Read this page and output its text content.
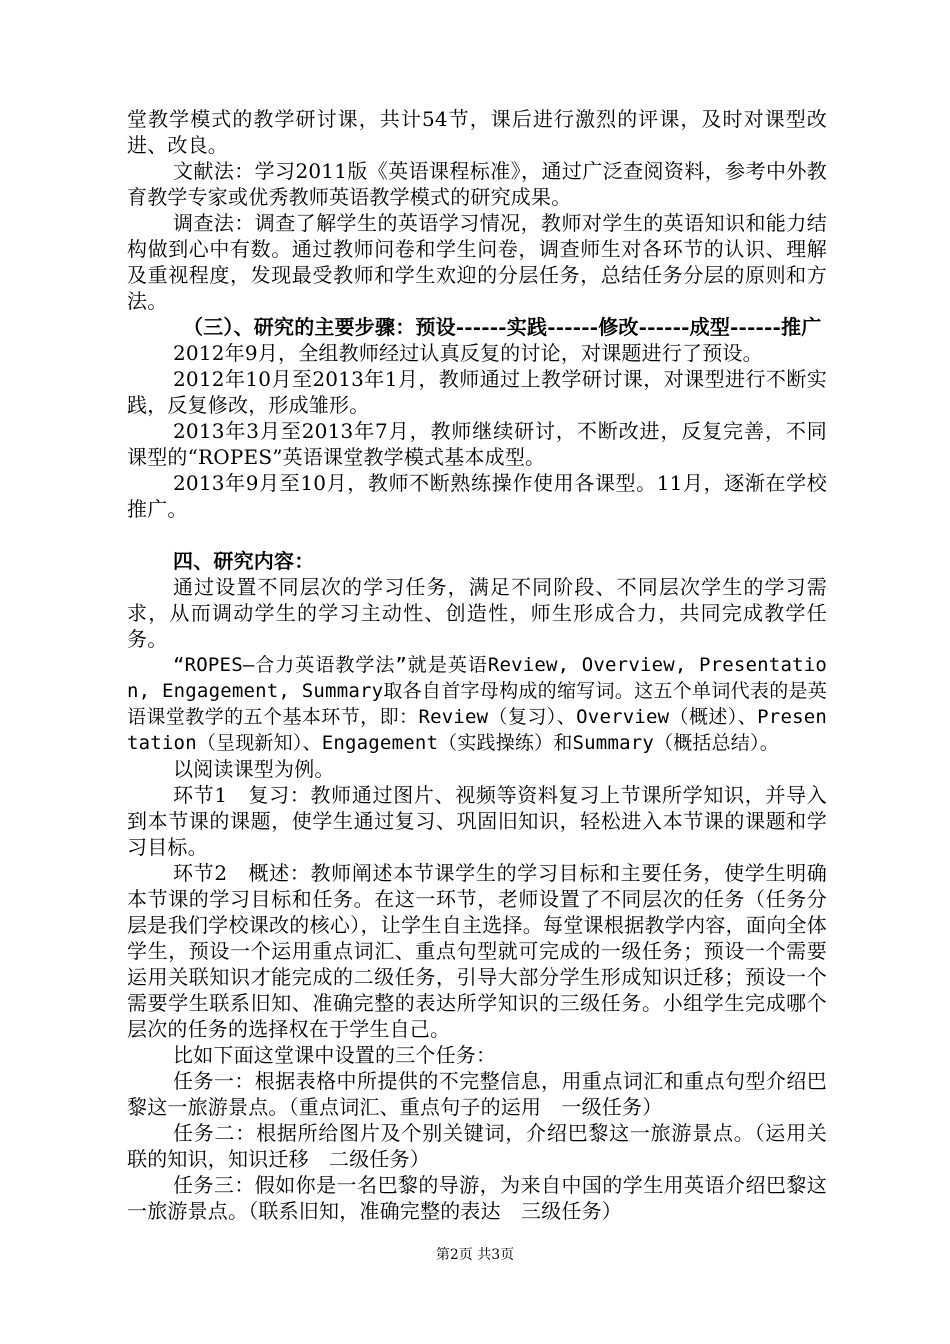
堂教学模式的教学研讨课，共计54节，课后进行激烈的评课，及时对课型改进、改良。

文献法：学习2011版《英语课程标准》，通过广泛查阅资料，参考中外教育教学专家或优秀教师英语教学模式的研究成果。

调查法：调查了解学生的英语学习情况，教师对学生的英语知识和能力结构做到心中有数。通过教师问卷和学生问卷，调查师生对各环节的认识、理解及重视程度，发现最受教师和学生欢迎的分层任务，总结任务分层的原则和方法。

（三）、研究的主要步骤：预设------实践------修改------成型------推广

2012年9月，全组教师经过认真反复的讨论，对课题进行了预设。

2012年10月至2013年1月，教师通过上教学研讨课，对课型进行不断实践，反复修改，形成雏形。

2013年3月至2013年7月，教师继续研讨，不断改进，反复完善，不同课型的“ROPES”英语课堂教学模式基本成型。

2013年9月至10月，教师不断熟练操作使用各课型。11月，逐渐在学校推广。

四、研究内容：

通过设置不同层次的学习任务，满足不同阶段、不同层次学生的学习需求，从而调动学生的学习主动性、创造性，师生形成合力，共同完成教学任务。

“ROPES—合力英语教学法”就是英语Review, Overview, Presentation, Engagement, Summary取各自首字母构成的缩写词。这五个单词代表的是英语课堂教学的五个基本环节，即：Review（复习）、Overview（概述）、Presentation（呈现新知）、Engagement（实践操练）和Summary（概括总结）。

以阅读课型为例。

环节1　复习：教师通过图片、视频等资料复习上节课所学知识，并导入到本节课的课题，使学生通过复习、巩固旧知识，轻松进入本节课的课题和学习目标。

环节2　概述：教师阐述本节课学生的学习目标和主要任务，使学生明确本节课的学习目标和任务。在这一环节，老师设置了不同层次的任务（任务分层是我们学校课改的核心），让学生自主选择。每堂课根据教学内容，面向全体学生，预设一个运用重点词汇、重点句型就可完成的一级任务；预设一个需要运用关联知识才能完成的二级任务，引导大部分学生形成知识迁移；预设一个需要学生联系旧知、准确完整的表达所学知识的三级任务。小组学生完成哪个层次的任务的选择权在于学生自己。

比如下面这堂课中设置的三个任务：

任务一：根据表格中所提供的不完整信息，用重点词汇和重点句型介绍巴黎这一旅游景点。（重点词汇、重点句子的运用　一级任务）

任务二：根据所给图片及个别关键词，介绍巴黎这一旅游景点。（运用关联的知识，知识迁移　二级任务）

任务三：假如你是一名巴黎的导游，为来自中国的学生用英语介绍巴黎这一旅游景点。（联系旧知，准确完整的表达　三级任务）

第2页 共3页
